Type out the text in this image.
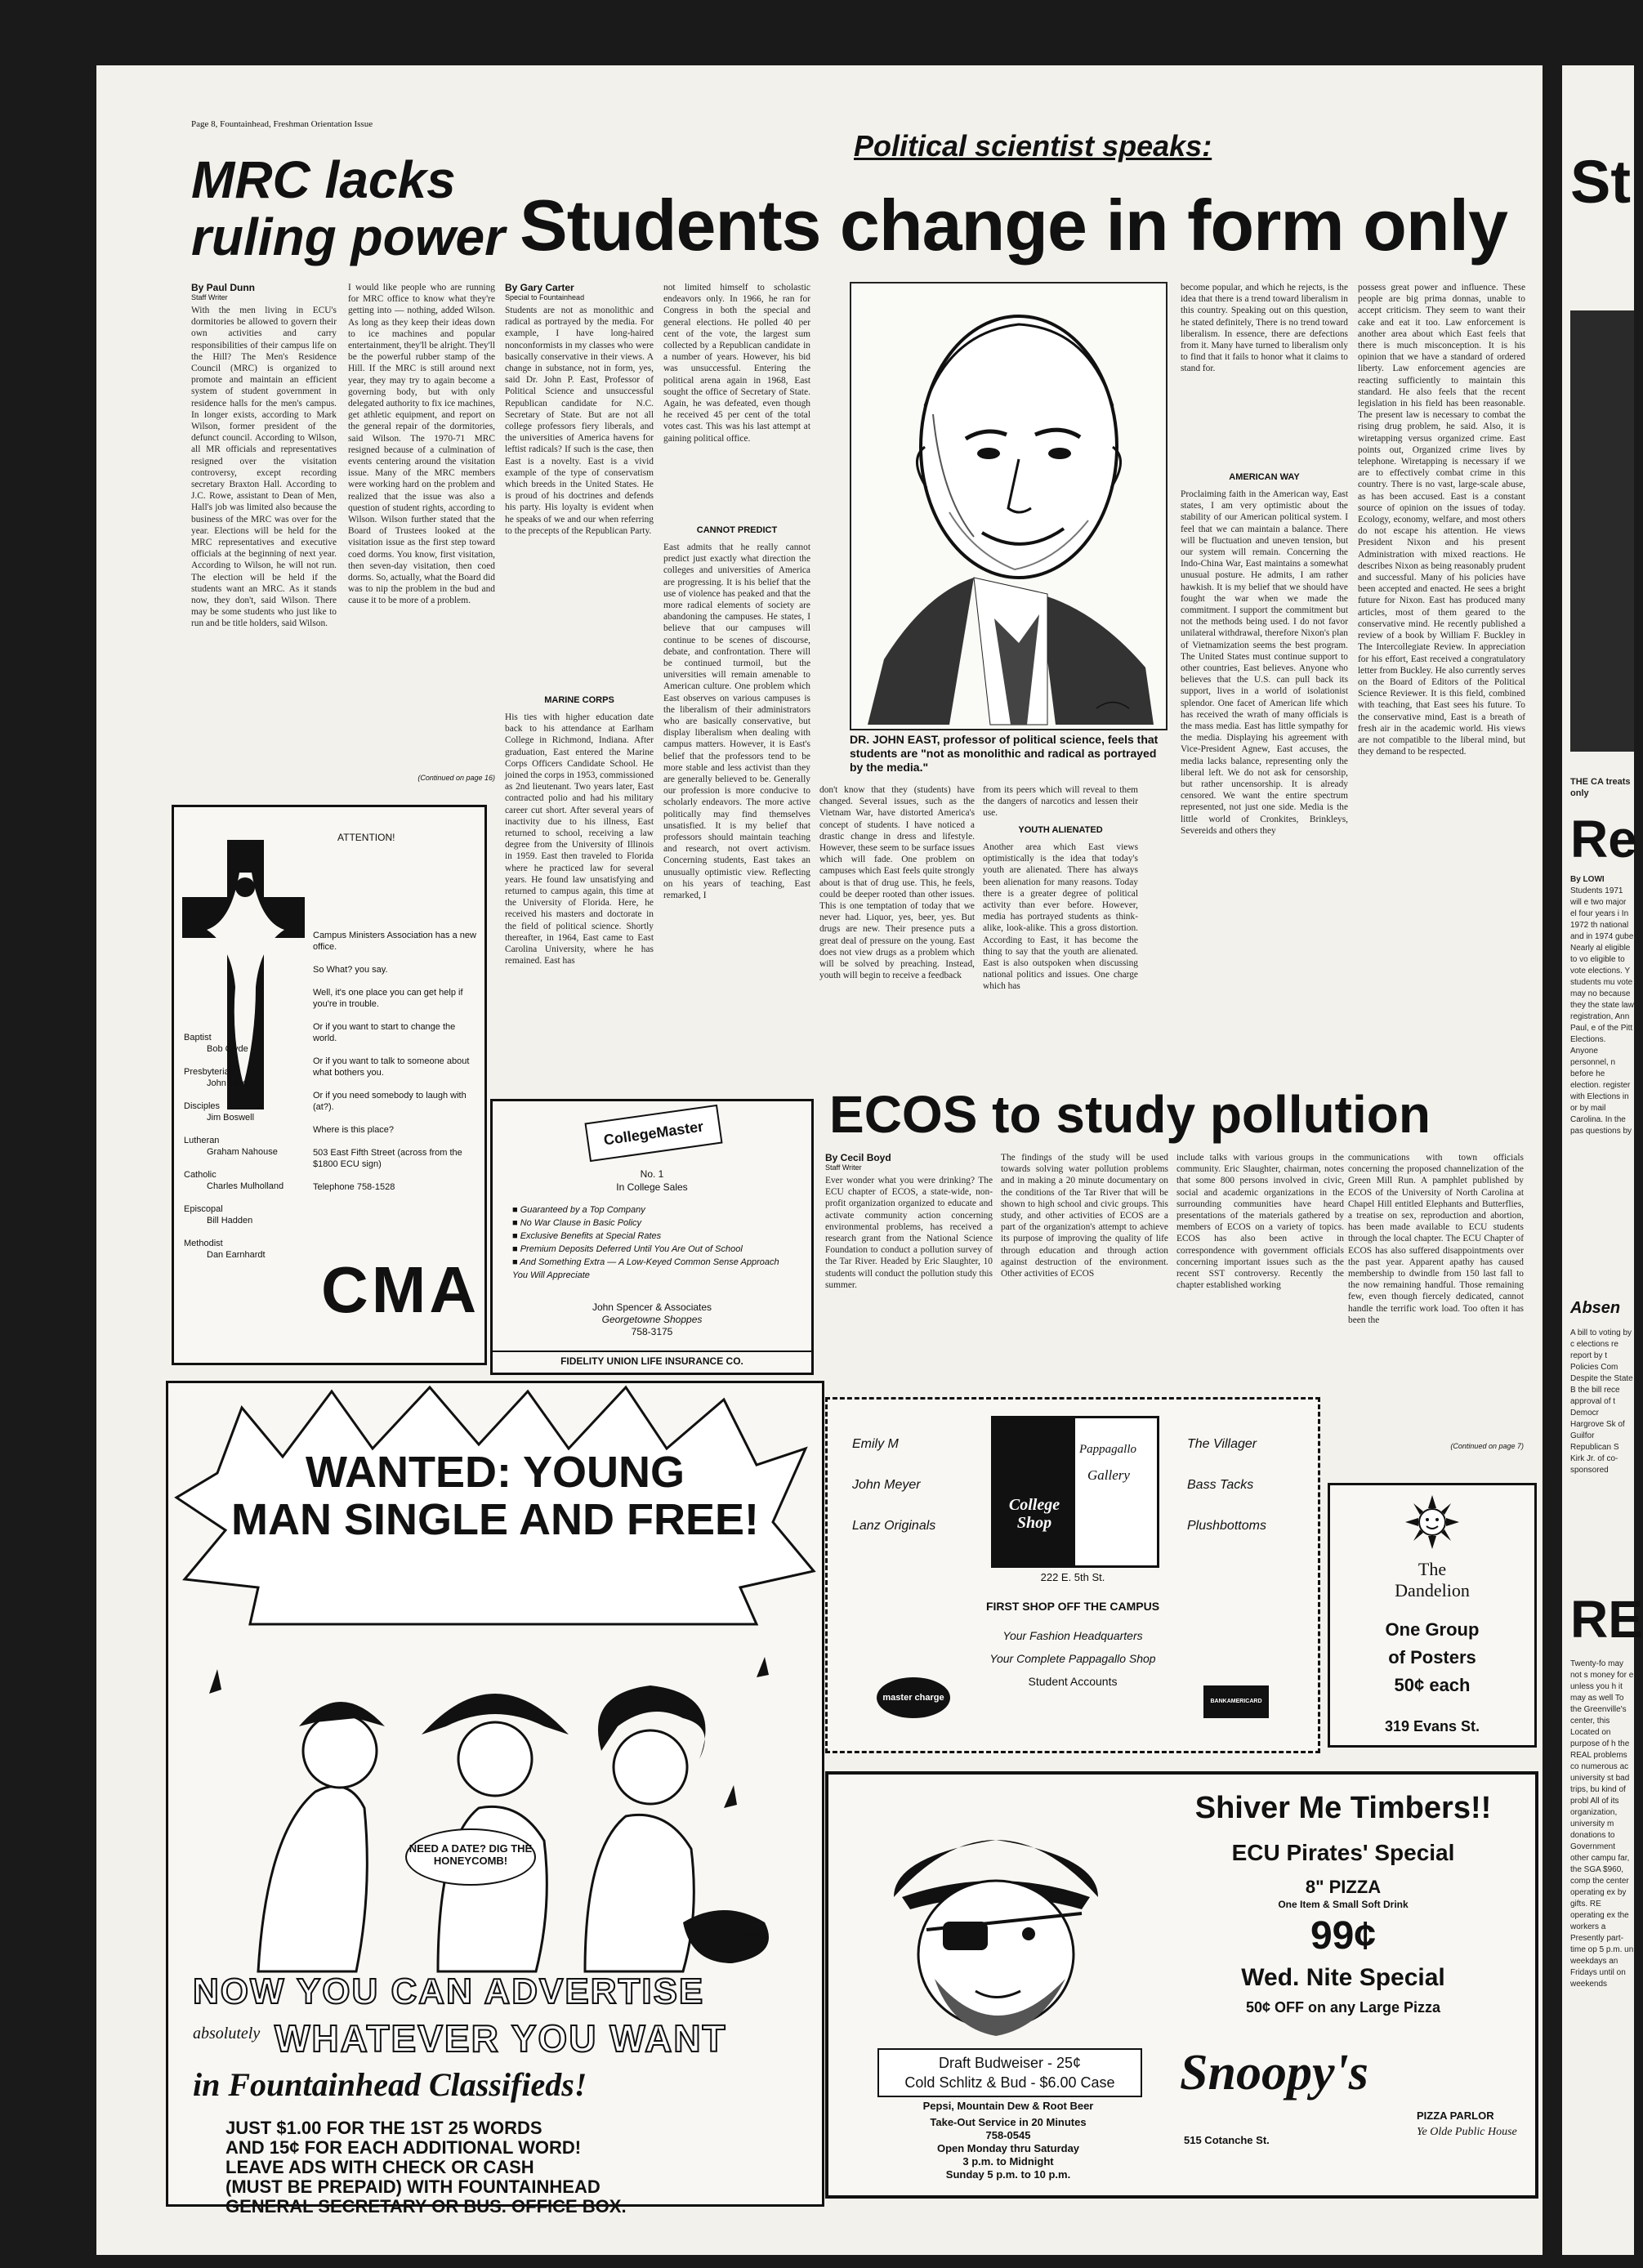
Page 8, Fountainhead, Freshman Orientation Issue
Political scientist speaks:
MRC lacks
ruling power Students change in form only
By Paul Dunn
Staff Writer
With the men living in ECU's dormitories be allowed to govern their own activities and carry responsibilities of their campus life on the Hill? The Men's Residence Council (MRC) is organized to promote and maintain an efficient system of student government in residence halls for the men's campus. In longer exists, according to Mark Wilson, former president of the defunct council. According to Wilson, all MR officials and representatives resigned over the visitation controversy, except recording secretary Braxton Hall. According to J.C. Rowe, assistant to Dean of Men, Hall's job was limited also because the business of the MRC was over for the year. Elections will be held for the MRC representatives and executive officials at the beginning of next year. According to Wilson, he will not run. The election will be held if the students want an MRC. As it stands now, they don't, said Wilson. There may be some students who just like to run and be title holders, said Wilson.
I would like people who are running for MRC office to know what they're getting into — nothing, added Wilson. As long as they keep their ideas down to ice machines and popular entertainment, they'll be alright. They'll be the powerful rubber stamp of the Hill. If the MRC is still around next year, they may try to again become a governing body, but with only delegated authority to fix ice machines, get athletic equipment, and report on the general repair of the dormitories, said Wilson. The 1970-71 MRC resigned because of a culmination of events centering around the visitation issue. Many of the MRC members were working hard on the problem and realized that the issue was also a question of student rights, according to Wilson. Wilson further stated that the Board of Trustees looked at the visitation issue as the first step toward coed dorms. You know, first visitation, then seven-day visitation, then coed dorms. So, actually, what the Board did was to nip the problem in the bud and cause it to be more of a problem.
(Continued on page 16)
By Gary Carter
Special to Fountainhead
Students are not as monolithic and radical as portrayed by the media. For example, I have long-haired nonconformists in my classes who were basically conservative in their views. A change in substance, not in form, yes, said Dr. John P. East, Professor of Political Science and unsuccessful Republican candidate for N.C. Secretary of State. But are not all college professors fiery liberals, and the universities of America havens for leftist radicals? If such is the case, then East is a novelty. East is a vivid example of the type of conservatism which breeds in the United States. He is proud of his doctrines and defends his party. His loyalty is evident when he speaks of we and our when referring to the precepts of the Republican Party.
MARINE CORPS
His ties with higher education date back to his attendance at Earlham College in Richmond, Indiana. After graduation, East entered the Marine Corps Officers Candidate School. He joined the corps in 1953, commissioned as 2nd lieutenant. Two years later, East contracted polio and had his military career cut short. After several years of inactivity due to his illness, East returned to school, receiving a law degree from the University of Illinois in 1959. East then traveled to Florida where he practiced law for several years. He found law unsatisfying and returned to campus again, this time at the University of Florida. Here, he received his masters and doctorate in the field of political science. Shortly thereafter, in 1964, East came to East Carolina University, where he has remained. East has
not limited himself to scholastic endeavors only. In 1966, he ran for Congress in both the special and general elections. He polled 40 per cent of the vote, the largest sum collected by a Republican candidate in a number of years. However, his bid was unsuccessful. Entering the political arena again in 1968, East sought the office of Secretary of State. Again, he was defeated, even though he received 45 per cent of the total votes cast. This was his last attempt at gaining political office.
CANNOT PREDICT
East admits that he really cannot predict just exactly what direction the colleges and universities of America are progressing. It is his belief that the use of violence has peaked and that the more radical elements of society are abandoning the campuses. He states, I believe that our campuses will continue to be scenes of discourse, debate, and confrontation. There will be continued turmoil, but the universities will remain amenable to American culture. One problem which East observes on various campuses is the liberalism of their administrators who are basically conservative, but display liberalism when dealing with campus matters. However, it is East's belief that the professors tend to be more stable and less activist than they are generally believed to be. Generally our profession is more conducive to scholarly endeavors. The more active politically may find themselves unsatisfied. It is my belief that professors should maintain teaching and research, not overt activism. Concerning students, East takes an unusually optimistic view. Reflecting on his years of teaching, East remarked, I
DR. JOHN EAST, professor of political science, feels that students are "not as monolithic and radical as portrayed by the media."
don't know that they (students) have changed. Several issues, such as the Vietnam War, have distorted America's concept of students. I have noticed a drastic change in dress and lifestyle. However, these seem to be surface issues which will fade. One problem on campuses which East feels quite strongly about is that of drug use. This, he feels, could be deeper rooted than other issues. This is one temptation of today that we never had. Liquor, yes, beer, yes. But drugs are new. Their presence puts a great deal of pressure on the young. East does not view drugs as a problem which will be solved by preaching. Instead, youth will begin to receive a feedback
from its peers which will reveal to them the dangers of narcotics and lessen their use.
YOUTH ALIENATED
Another area which East views optimistically is the idea that today's youth are alienated. There has always been alienation for many reasons. Today there is a greater degree of political activity than ever before. However, media has portrayed students as think-alike, look-alike. This a gross distortion. According to East, it has become the thing to say that the youth are alienated. East is also outspoken when discussing national politics and issues. One charge which has
become popular, and which he rejects, is the idea that there is a trend toward liberalism in this country. Speaking out on this question, he stated definitely, There is no trend toward liberalism. In essence, there are defections from it. Many have turned to liberalism only to find that it fails to honor what it claims to stand for.
AMERICAN WAY
Proclaiming faith in the American way, East states, I am very optimistic about the stability of our American political system. I feel that we can maintain a balance. There will be fluctuation and uneven tension, but our system will remain. Concerning the Indo-China War, East maintains a somewhat unusual posture. He admits, I am rather hawkish. It is my belief that we should have fought the war when we made the commitment. I support the commitment but not the methods being used. I do not favor unilateral withdrawal, therefore Nixon's plan of Vietnamization seems the best program. The United States must continue support to other countries, East believes. Anyone who believes that the U.S. can pull back its support, lives in a world of isolationist splendor. One facet of American life which has received the wrath of many officials is the mass media. East has little sympathy for the media. Displaying his agreement with Vice-President Agnew, East accuses, the media lacks balance, representing only the liberal left. We do not ask for censorship, but rather uncensorship. It is already censored. We want the entire spectrum represented, not just one side. Media is the little world of Cronkites, Brinkleys, Severeids and others they
possess great power and influence. These people are big prima donnas, unable to accept criticism. They seem to want their cake and eat it too. Law enforcement is another area about which East feels that there is much misconception. It is his opinion that we have a standard of ordered liberty. Law enforcement agencies are reacting sufficiently to maintain this standard. He also feels that the recent legislation in his field has been reasonable. The present law is necessary to combat the rising drug problem, he said. Also, it is wiretapping versus organized crime. East points out, Organized crime lives by telephone. Wiretapping is necessary if we are to effectively combat crime in this country. There is no vast, large-scale abuse, as has been accused. East is a constant source of opinion on the issues of today. Ecology, economy, welfare, and most others do not escape his attention. He views President Nixon and his present Administration with mixed reactions. He describes Nixon as being reasonably prudent and successful. Many of his policies have been accepted and enacted. He sees a bright future for Nixon. East has produced many articles, most of them geared to the conservative mind. He recently published a review of a book by William F. Buckley in The Intercollegiate Review. In appreciation for his effort, East received a congratulatory letter from Buckley. He also currently serves on the Board of Editors of the Political Science Reviewer. It is this field, combined with teaching, that East sees his future. To the conservative mind, East is a breath of fresh air in the academic world. His views are not compatible to the liberal mind, but they demand to be respected.
ATTENTION!
Campus Ministers Association has a new office.
So What? you say.
Well, it's one place you can get help if you're in trouble.
Or if you want to start to change the world.
Or if you want to talk to someone about what bothers you.
Or if you need somebody to laugh with (at?).
Where is this place?
503 East Fifth Street (across from the $1800 ECU sign)
Telephone 758-1528
Baptist
Bob Clyde
Presbyterian
John Miller
Disciples
Jim Boswell
Lutheran
Graham Nahouse
Catholic
Charles Mulholland
Episcopal
Bill Hadden
Methodist
Dan Earnhardt CMA
CollegeMaster
No. 1
In College Sales
■ Guaranteed by a Top Company
■ No War Clause in Basic Policy
■ Exclusive Benefits at Special Rates
■ Premium Deposits Deferred Until You Are Out of School
■ And Something Extra — A Low-Keyed Common Sense Approach You Will Appreciate
John Spencer & Associates
Georgetowne Shoppes
758-3175
FIDELITY UNION LIFE INSURANCE CO.
ECOS to study pollution
By Cecil Boyd
Staff Writer
Ever wonder what you were drinking? The ECU chapter of ECOS, a state-wide, non-profit organization organized to educate and activate community action concerning environmental problems, has received a research grant from the National Science Foundation to conduct a pollution survey of the Tar River. Headed by Eric Slaughter, 10 students will conduct the pollution study this summer.
The findings of the study will be used towards solving water pollution problems and in making a 20 minute documentary on the conditions of the Tar River that will be shown to high school and civic groups. This study, and other activities of ECOS are a part of the organization's attempt to achieve its purpose of improving the quality of life through education and through action against destruction of the environment. Other activities of ECOS
include talks with various groups in the community. Eric Slaughter, chairman, notes that some 800 persons involved in civic, social and academic organizations in the surrounding communities have heard presentations of the materials gathered by members of ECOS on a variety of topics. ECOS has also been active in correspondence with government officials concerning important issues such as the recent SST controversy. Recently the chapter established working
communications with town officials concerning the proposed channelization of the Green Mill Run. A pamphlet published by ECOS of the University of North Carolina at Chapel Hill entitled Elephants and Butterflies, a treatise on sex, reproduction and abortion, has been made available to ECU students through the local chapter. The ECU Chapter of ECOS has also suffered disappointments over the past year. Apparent apathy has caused membership to dwindle from 150 last fall to the now remaining handful. Those remaining few, even though fiercely dedicated, cannot handle the terrific work load. Too often it has been the
(Continued on page 7)
WANTED: YOUNG
MAN SINGLE AND FREE!
NEED A DATE? DIG THE HONEYCOMB!
Tosh
NOW YOU CAN ADVERTISE
absolutely WHATEVER YOU WANT
in Fountainhead Classifieds!
JUST $1.00 FOR THE 1ST 25 WORDS
AND 15¢ FOR EACH ADDITIONAL WORD!
LEAVE ADS WITH CHECK OR CASH
(MUST BE PREPAID) WITH FOUNTAINHEAD
GENERAL SECRETARY OR BUS. OFFICE BOX.
Emily M
John Meyer
Lanz Originals
The Villager
Bass Tacks
Plushbottoms
Pappagallo
Gallery
College Shop
222 E. 5th St.
FIRST SHOP OFF THE CAMPUS
Your Fashion Headquarters
Your Complete Pappagallo Shop
Student Accounts
master charge	BANKAMERICARD
The
Dandelion
One Group
of Posters
50¢ each
319 Evans St.
Draft Budweiser - 25¢
Cold Schlitz & Bud - $6.00 Case
Pepsi, Mountain Dew & Root Beer
Take-Out Service in 20 Minutes
758-0545
Open Monday thru Saturday
3 p.m. to Midnight
Sunday 5 p.m. to 10 p.m.
Shiver Me Timbers!!
ECU Pirates' Special
8" PIZZA
One Item & Small Soft Drink
99¢
Wed. Nite Special
50¢ OFF on any Large Pizza
Snoopy's
PIZZA PARLOR
Ye Olde Public House
515 Cotanche St.
St
THE CA treats only
Re
By LOWI
Students 1971 will e two major el four years i In 1972 th national and in 1974 gube Nearly al eligible to vo eligible to vote elections. Y students mu vote may no because they the state law registration, Ann Paul, e of the Pitt Elections. Anyone personnel, n before he election. register with Elections in or by mail Carolina. In the pas questions by
Absen
A bill to voting by c elections re report by t Policies Com Despite the State B the bill rece approval of t Democr Hargrove Sk of Guilfor Republican S Kirk Jr. of co-sponsored
RE
Twenty-fo may not s money for e unless you h it may as well To the Greenville's center, this Located on purpose of h the REAL problems co numerous ac university st bad trips, bu kind of probl All of its organization, university m donations to Government other campu far, the SGA $960, comp the center operating ex by gifts. RE operating ex the workers a Presently part-time op 5 p.m. un weekdays an Fridays until on weekends
